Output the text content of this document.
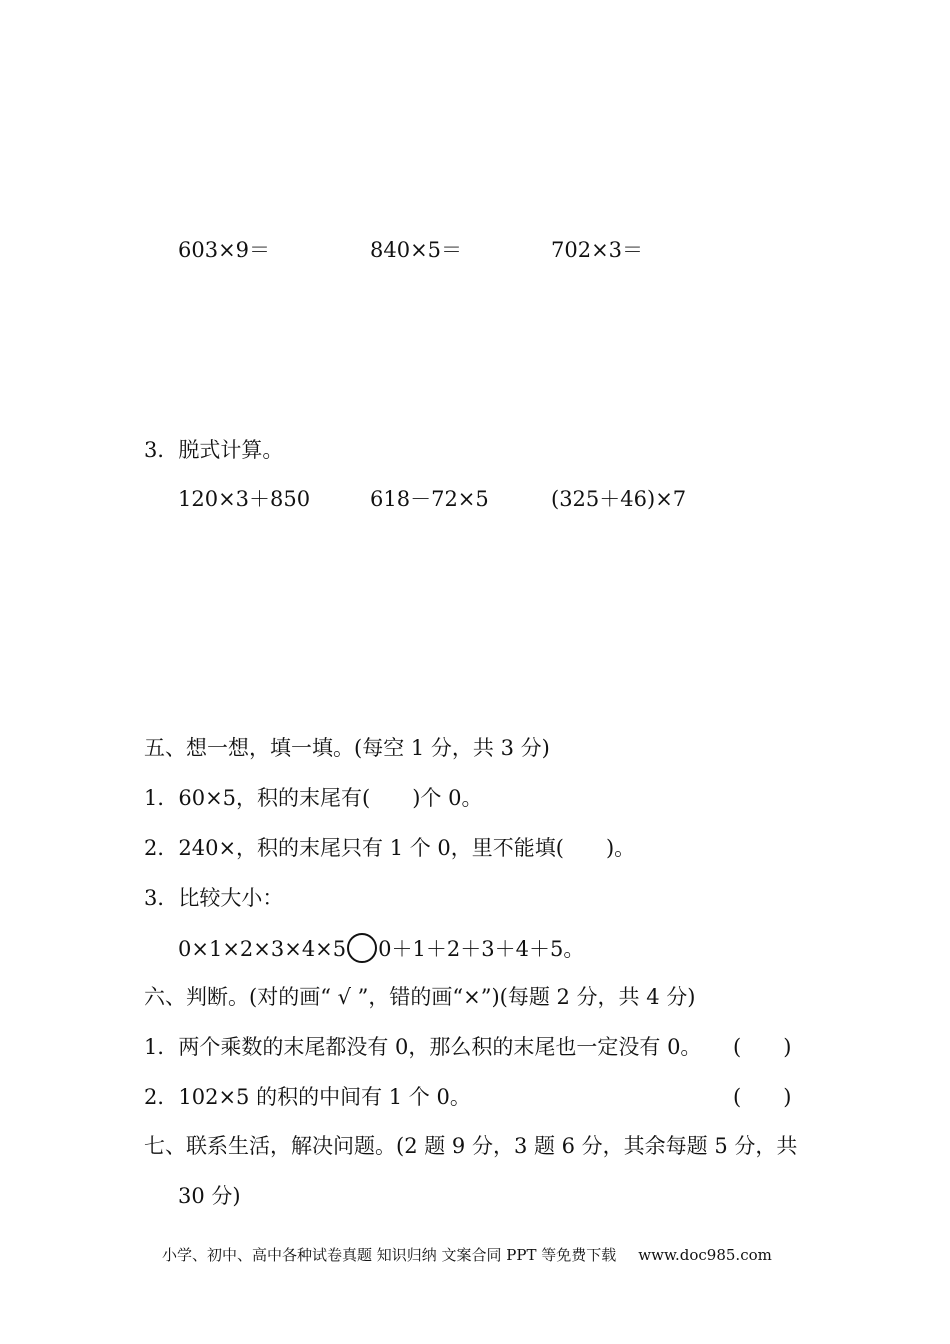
603×9＝	840×5＝	702×3＝
3．脱式计算。
120×3＋850	618－72×5	(325＋46)×7
五、想一想，填一填。(每空 1 分，共 3 分)
1．60×5，积的末尾有(　　)个 0。
2．240×，积的末尾只有 1 个 0，里不能填(　　)。
3．比较大小：
0×1×2×3×4×5 0＋1＋2＋3＋4＋5。
六、判断。(对的画“ √ ”，错的画“×”)(每题 2 分，共 4 分)
1．两个乘数的末尾都没有 0，那么积的末尾也一定没有 0。 (　　)
2．102×5 的积的中间有 1 个 0。	(　　)
七、联系生活，解决问题。(2 题 9 分，3 题 6 分，其余每题 5 分，共
30 分)
小学、初中、高中各种试卷真题 知识归纳 文案合同 PPT 等免费下载 www.doc985.com
